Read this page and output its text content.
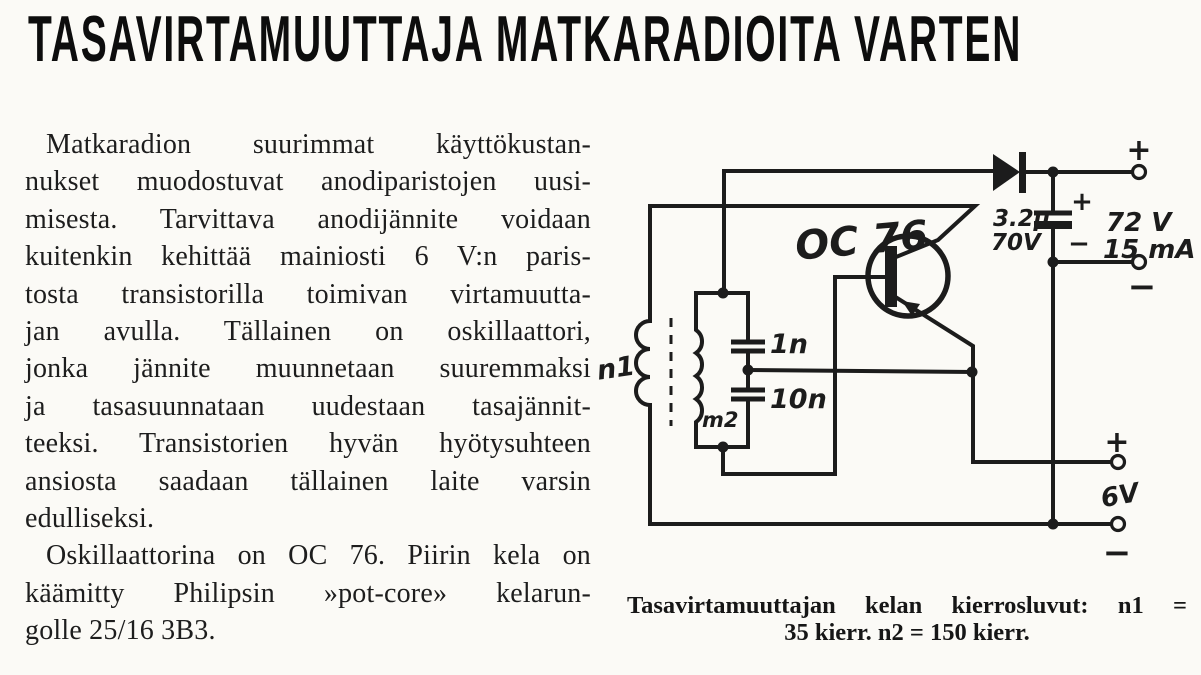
TASAVIRTAMUUTTAJA MATKARADIOITA VARTEN
Matkaradion suurimmat käyttökustan-
nukset muodostuvat anodiparistojen uusi-
misesta. Tarvittava anodijännite voidaan
kuitenkin kehittää mainiosti 6 V:n paris-
tosta transistorilla toimivan virtamuutta-
jan avulla. Tällainen on oskillaattori,
jonka jännite muunnetaan suuremmaksi
ja tasasuunnataan uudestaan tasajännit-
teeksi. Transistorien hyvän hyötysuhteen
ansiosta saadaan tällainen laite varsin
edulliseksi.
Oskillaattorina on OC 76. Piirin kela on
käämitty Philipsin »pot-core» kelarun-
golle 25/16 3B3.
n1
m2
1n
10n
OC 76
+
−
3.2µ
70V
+
−
+
−
72 V
15 mA
6V
Tasavirtamuuttajan kelan kierrosluvut: n1 =
35 kierr. n2 = 150 kierr.
